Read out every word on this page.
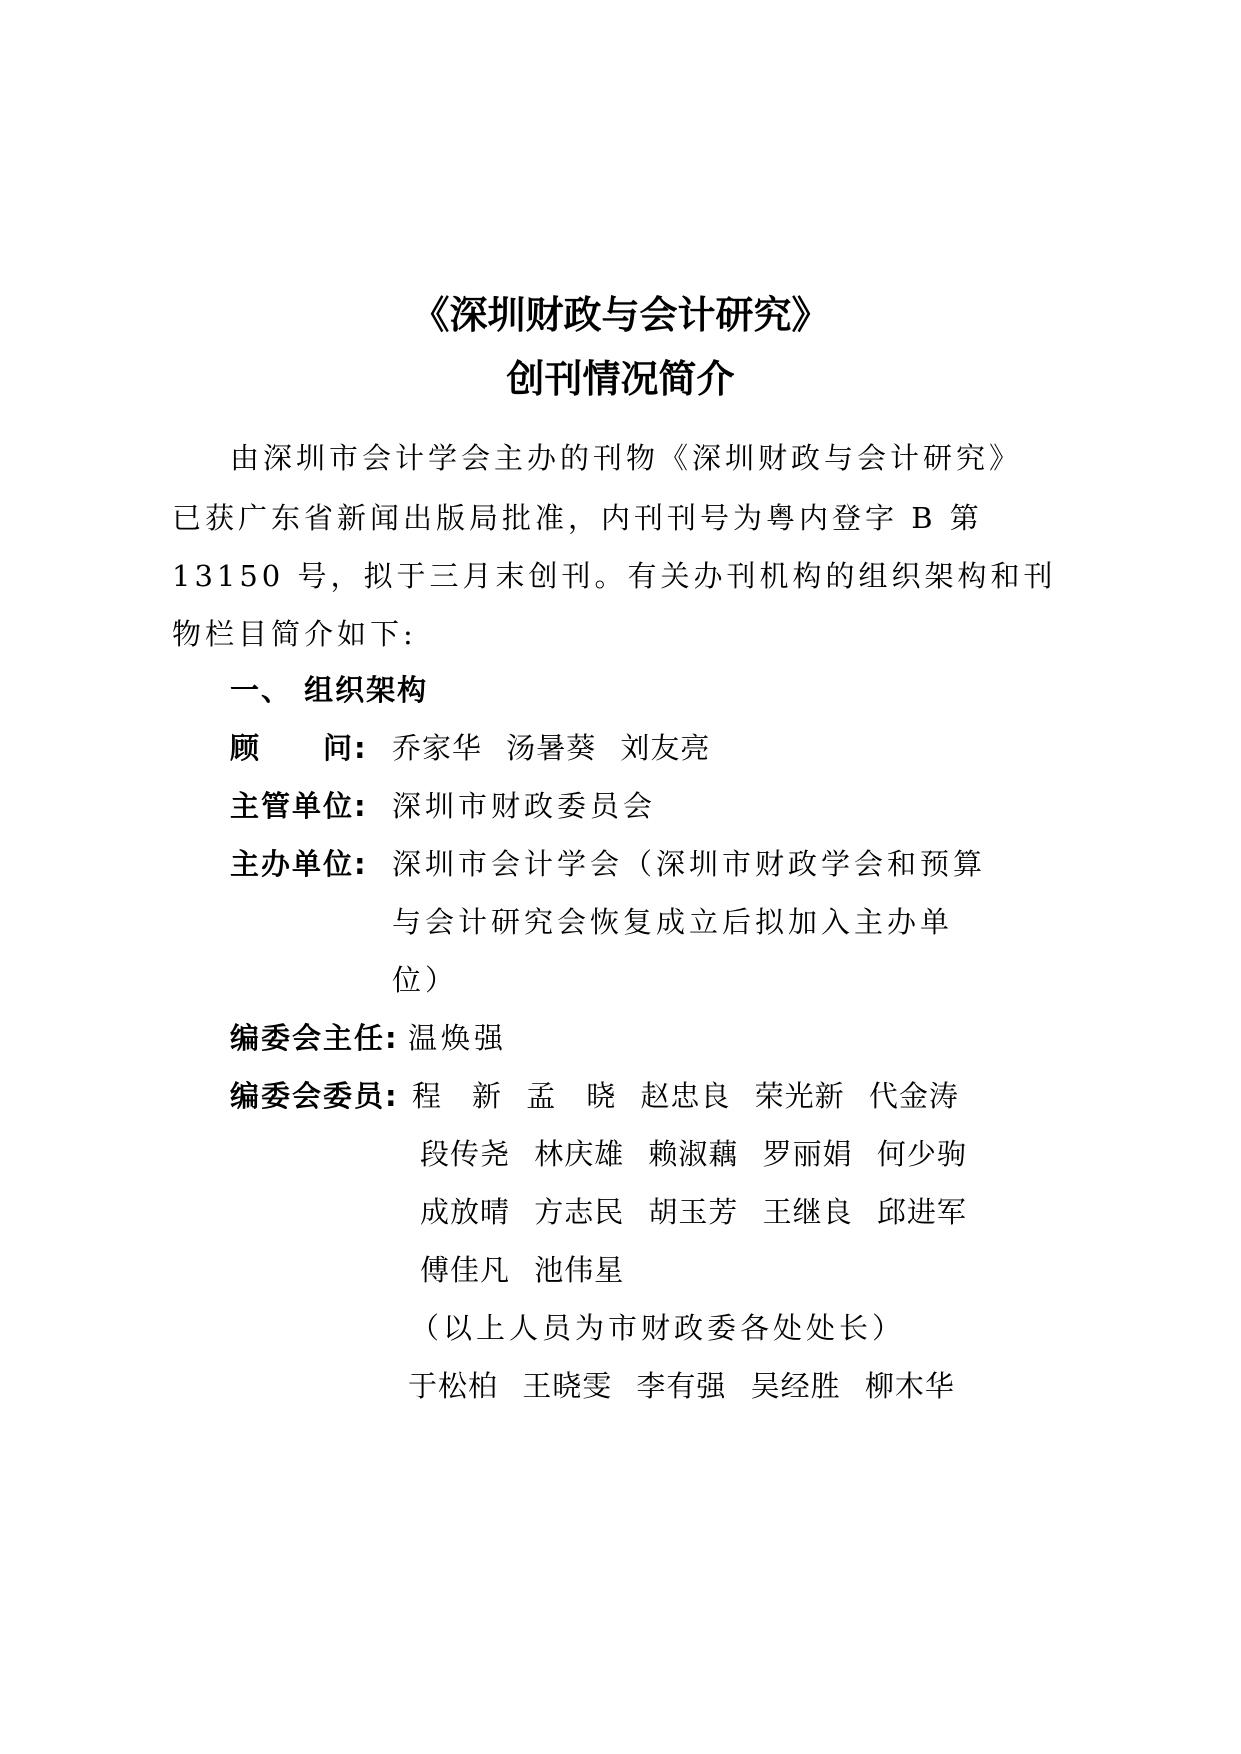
《深圳财政与会计研究》
创刊情况简介
由深圳市会计学会主办的刊物《深圳财政与会计研究》
已获广东省新闻出版局批准，内刊刊号为粤内登字 B 第
13150 号，拟于三月末创刊。有关办刊机构的组织架构和刊
物栏目简介如下:
一、 组织架构
顾　　问: 乔家华 汤暑葵 刘友亮
主管单位: 深圳市财政委员会
主办单位: 深圳市会计学会（深圳市财政学会和预算
与会计研究会恢复成立后拟加入主办单
位）
编委会主任: 温焕强
编委会委员: 程　新 孟　晓 赵忠良 荣光新 代金涛
段传尧 林庆雄 赖淑藕 罗丽娟 何少驹
成放晴 方志民 胡玉芳 王继良 邱进军
傅佳凡 池伟星
（以上人员为市财政委各处处长）
于松柏 王晓雯 李有强 吴经胜 柳木华
